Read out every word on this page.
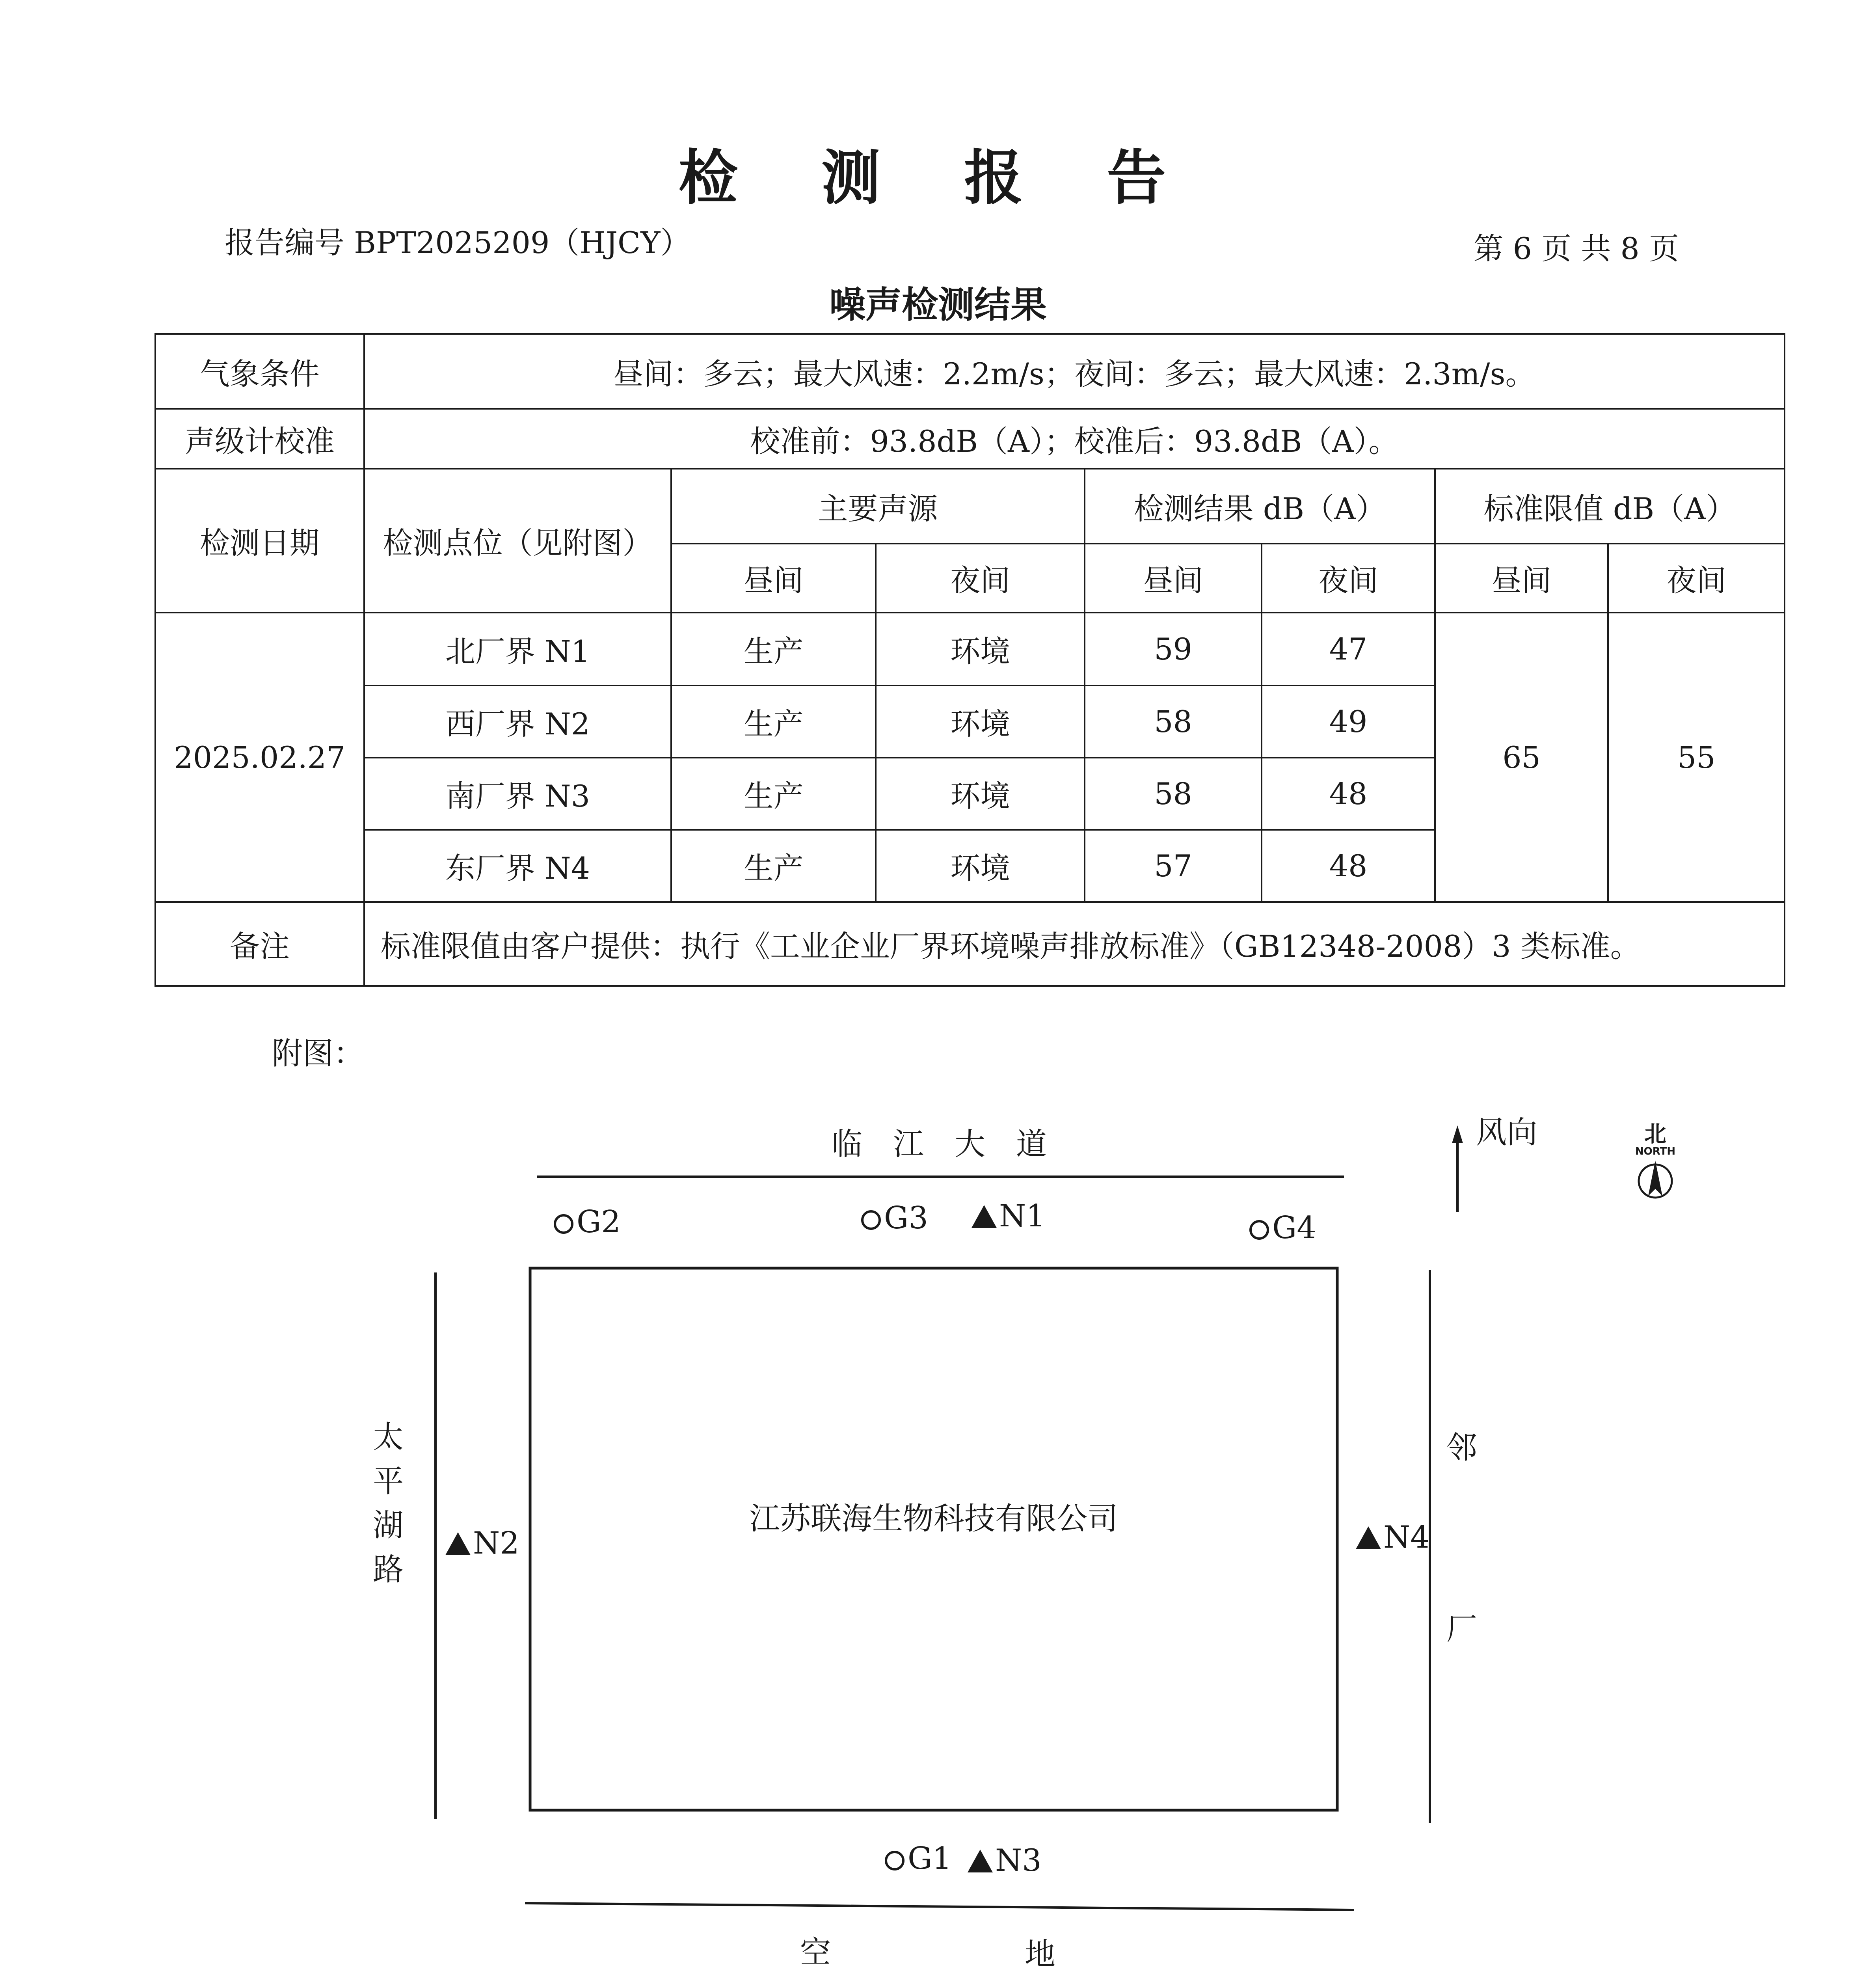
检 测 报 告
报告编号 BPT2025209（HJCY）	第 6 页 共 8 页
噪声检测结果
气象条件	昼间：多云；最大风速：2.2m/s；夜间：多云；最大风速：2.3m/s。						
声级计校准	校准前：93.8dB（A）；校准后：93.8dB（A）。						
检测日期	检测点位（见附图）	主要声源		检测结果 dB（A）		标准限值 dB（A）	
		昼间	夜间	昼间	夜间	昼间	夜间
2025.02.27	北厂界 N1	生产	环境	59	47	65	55
	西厂界 N2	生产	环境	58	49		
	南厂界 N3	生产	环境	58	48		
	东厂界 N4	生产	环境	57	48		
备注	标准限值由客户提供：执行《工业企业厂界环境噪声排放标准》（GB12348-2008）3 类标准。						
附图：
临　江　大　道	风向	北
NORTH
G2	G3	N1	G4
太
平
湖
路
N2
江苏联海生物科技有限公司
N4
邻
厂
G1	N3
空	地
